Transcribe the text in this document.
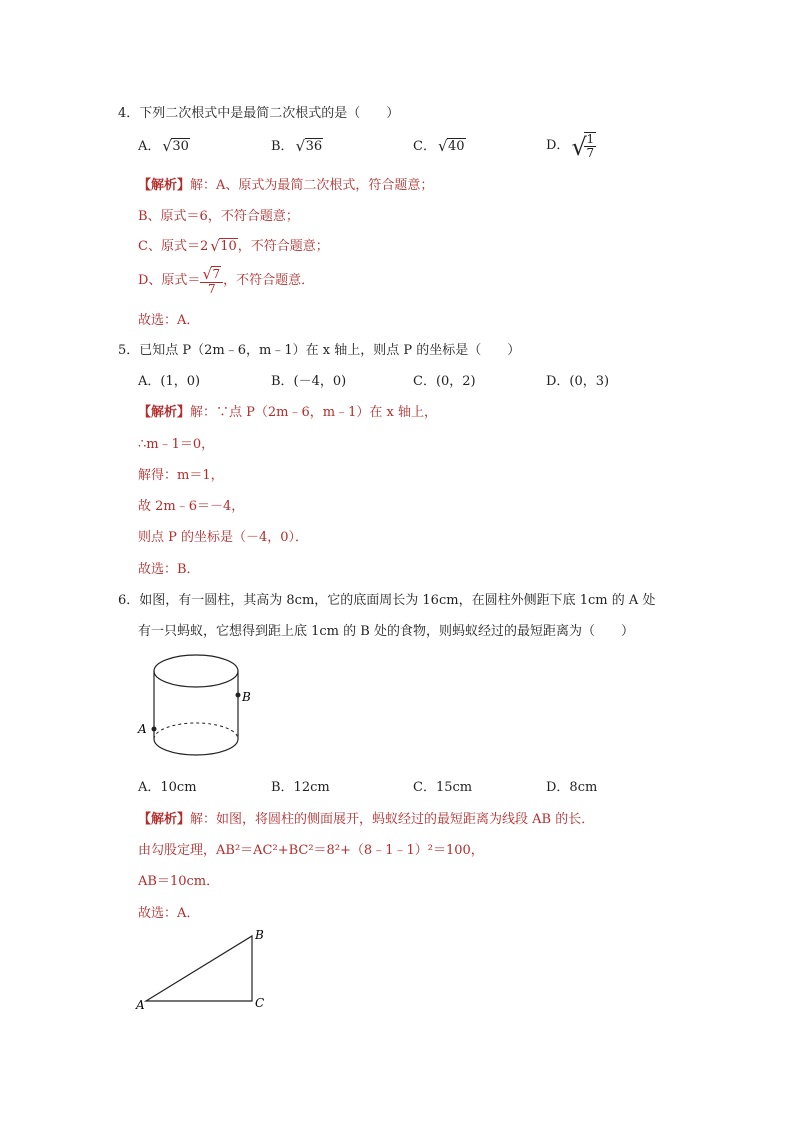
4．下列二次根式中是最简二次根式的是（　　）
A． √ 30	B． √ 36	C． √ 40	D． √
$\frac{1}{7}$
【解析】解：A、原式为最简二次根式，符合题意；
B、原式＝6，不符合题意；
C、原式＝2 √ 10，不符合题意；
D、原式＝ $\frac{√ 7}{7}$ ，不符合题意．
故选：A．
5．已知点 P（2m﹣6，m﹣1）在 x 轴上，则点 P 的坐标是（　　）
A．(1，0)	B．(－4，0)	C．(0，2)	D．(0，3)
【解析】解：∵点 P（2m﹣6，m﹣1）在 x 轴上，
∴m﹣1＝0，
解得：m＝1，
故 2m﹣6＝－4，
则点 P 的坐标是（－4，0）．
故选：B．
6．如图，有一圆柱，其高为 8cm，它的底面周长为 16cm，在圆柱外侧距下底 1cm 的 A 处
有一只蚂蚁，它想得到距上底 1cm 的 B 处的食物，则蚂蚁经过的最短距离为（　　）
A
B
A．10cm	B．12cm	C．15cm	D．8cm
【解析】解：如图，将圆柱的侧面展开，蚂蚁经过的最短距离为线段 AB 的长．
由勾股定理，AB²＝AC²+BC²＝8²+（8﹣1﹣1）²＝100，
AB＝10cm．
故选：A．
A
B
C
